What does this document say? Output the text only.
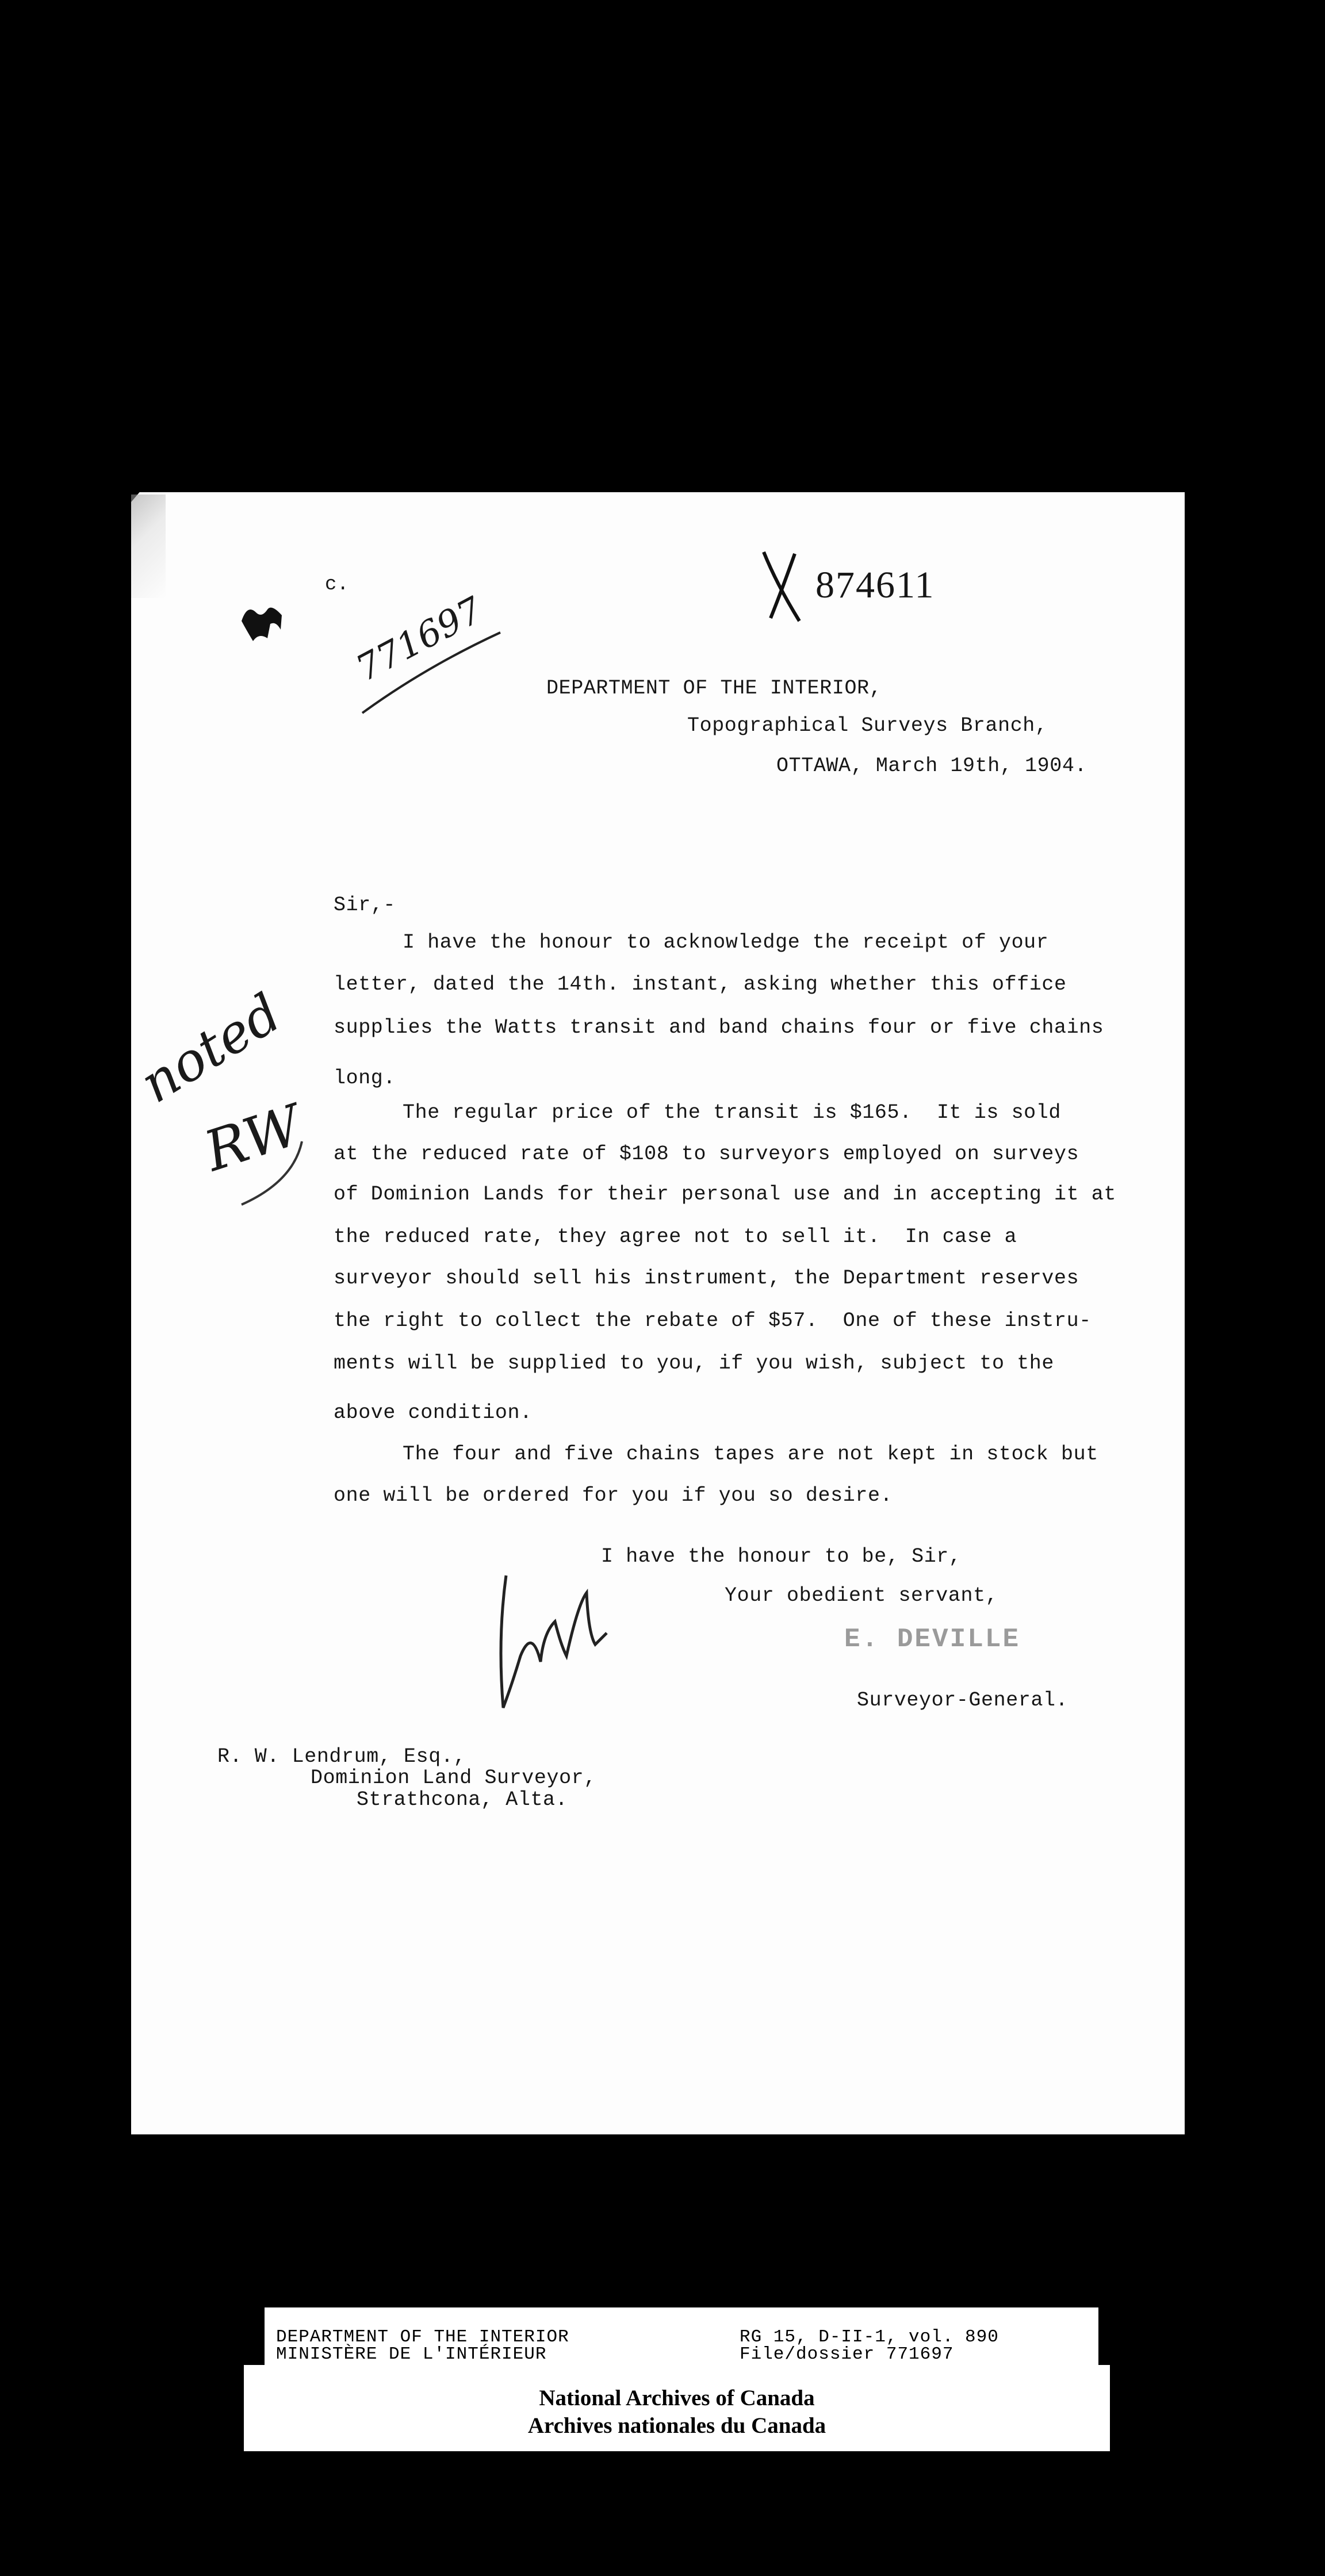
c.	874611
771697	DEPARTMENT OF THE INTERIOR,
Topographical Surveys Branch,
OTTAWA, March 19th, 1904.
Sir,-
I have the honour to acknowledge the receipt of your
letter, dated the 14th. instant, asking whether this office
supplies the Watts transit and band chains four or five chains
long.
The regular price of the transit is $165.  It is sold
at the reduced rate of $108 to surveyors employed on surveys
of Dominion Lands for their personal use and in accepting it at
the reduced rate, they agree not to sell it.  In case a
surveyor should sell his instrument, the Department reserves
the right to collect the rebate of $57.  One of these instru-
ments will be supplied to you, if you wish, subject to the
above condition.
The four and five chains tapes are not kept in stock but
one will be ordered for you if you so desire.
noted
RW
I have the honour to be, Sir,
Your obedient servant,
E. DEVILLE
Surveyor-General.
R. W. Lendrum, Esq.,
Dominion Land Surveyor,
Strathcona, Alta.
DEPARTMENT OF THE INTERIOR
MINISTÈRE DE L'INTÉRIEUR
RG 15, D-II-1, vol. 890
File/dossier 771697
National Archives of Canada
Archives nationales du Canada
